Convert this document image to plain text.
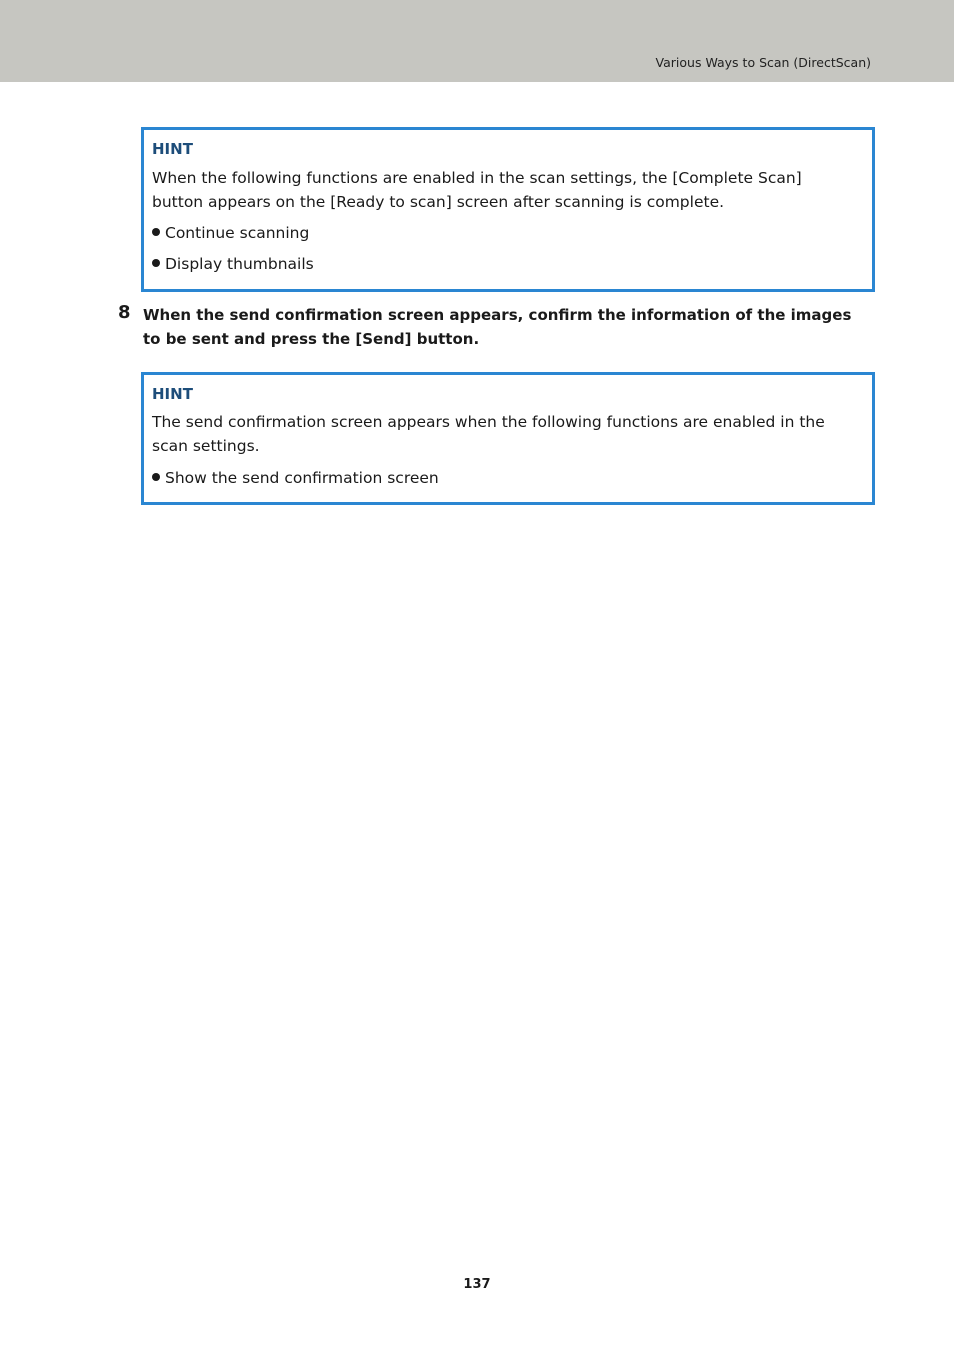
Various Ways to Scan (DirectScan)
HINT
When the following functions are enabled in the scan settings, the [Complete Scan] button appears on the [Ready to scan] screen after scanning is complete.
Continue scanning
Display thumbnails
8 When the send confirmation screen appears, confirm the information of the images to be sent and press the [Send] button.
HINT
The send confirmation screen appears when the following functions are enabled in the scan settings.
Show the send confirmation screen
137
